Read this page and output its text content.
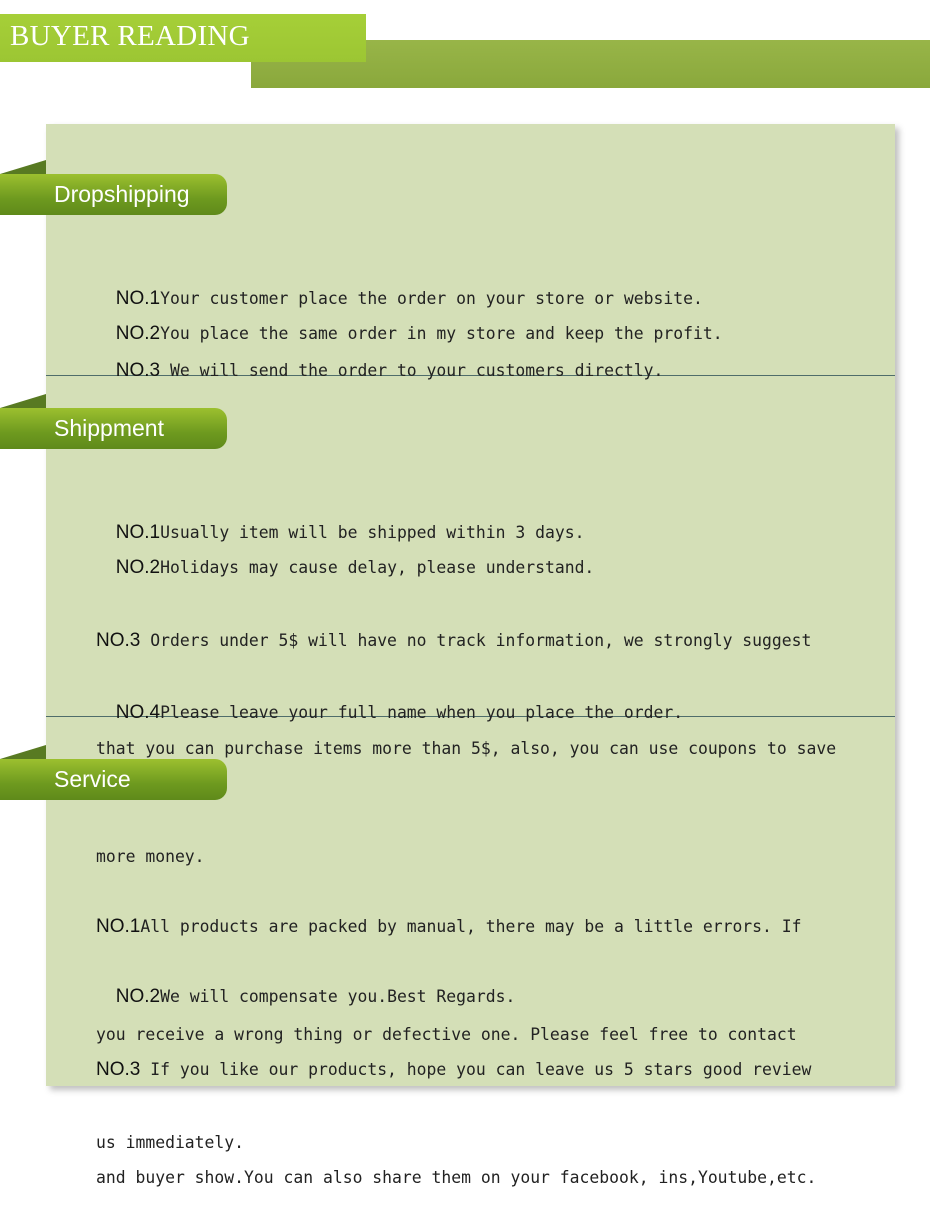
BUYER READING
Dropshipping

NO.1Your customer place the order on your store or website.

NO.2You place the same order in my store and keep the profit.

NO.3 We will send the order to your customers directly.

Shippment

NO.1Usually item will be shipped within 3 days.

NO.2Holidays may cause delay, please understand.

NO.3 Orders under 5$ will have no track information, we strongly suggest

that you can purchase items more than 5$, also, you can use coupons to save

more money.

NO.4Please leave your full name when you place the order.

Service

NO.1All products are packed by manual, there may be a little errors. If

you receive a wrong thing or defective one. Please feel free to contact

us immediately.

NO.2We will compensate you.Best Regards.

NO.3 If you like our products, hope you can leave us 5 stars good review

and buyer show.You can also share them on your facebook, ins,Youtube,etc.
